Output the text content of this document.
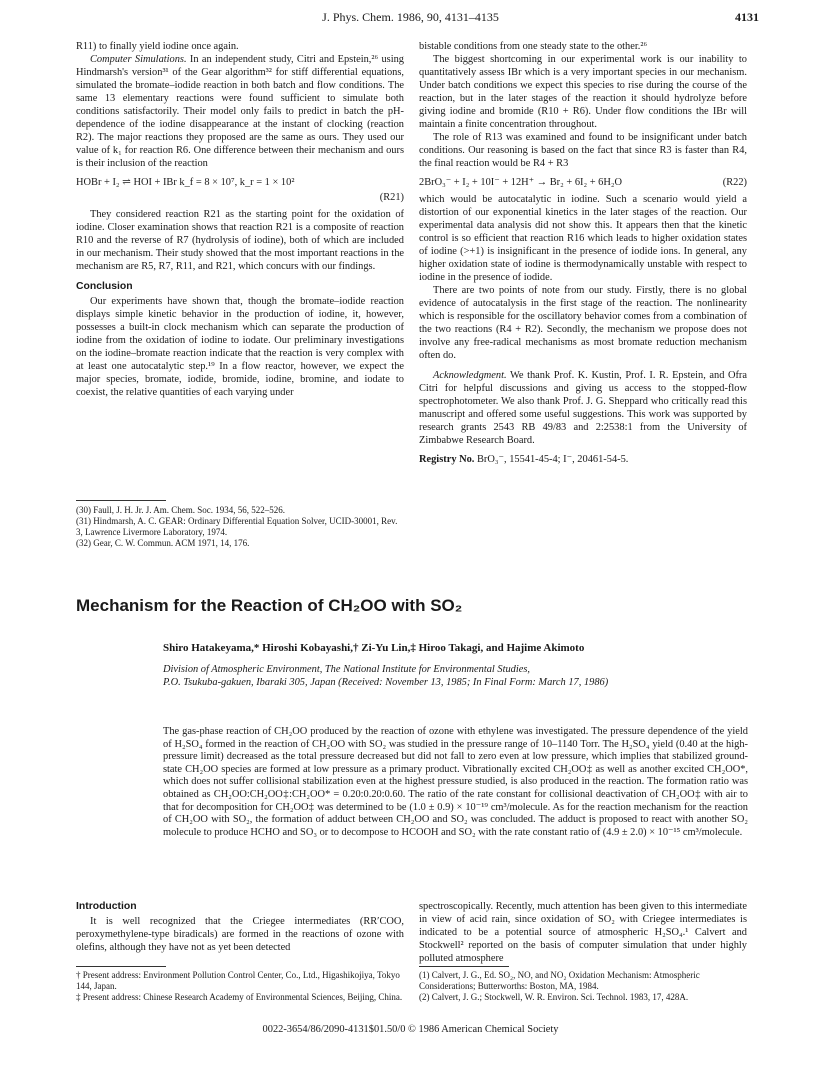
J. Phys. Chem. 1986, 90, 4131–4135	4131

R11) to finally yield iodine once again.

Computer Simulations. In an independent study, Citri and Epstein,²⁶ using Hindmarsh's version³¹ of the Gear algorithm³² for stiff differential equations, simulated the bromate–iodide reaction in both batch and flow conditions. The same 13 elementary reactions were found sufficient to simulate both conditions satisfactorily. Their model only fails to predict in batch the pH-dependence of the iodine disappearance at the instant of clocking (reaction R2). The major reactions they proposed are the same as ours. They used our value of k₁ for reaction R6. One difference between their mechanism and ours is their inclusion of the reaction

HOBr + I₂ ⇌ HOI + IBr k_f = 8 × 10⁷, k_r = 1 × 10²
(R21)

They considered reaction R21 as the starting point for the oxidation of iodine. Closer examination shows that reaction R21 is a composite of reaction R10 and the reverse of R7 (hydrolysis of iodine), both of which are included in our mechanism. Their study showed that the most important reactions in the mechanism are R5, R7, R11, and R21, which concurs with our findings.

Conclusion

Our experiments have shown that, though the bromate–iodide reaction displays simple kinetic behavior in the production of iodine, it, however, possesses a built-in clock mechanism which can separate the production of iodine from the oxidation of iodine to iodate. Our preliminary investigations on the iodine–bromate reaction indicate that the reaction is very complex with at least one autocatalytic step.¹⁹ In a flow reactor, however, we expect the major species, bromate, iodide, bromide, iodine, bromine, and iodate to coexist, the relative quantities of each varying under

(30) Faull, J. H. Jr. J. Am. Chem. Soc. 1934, 56, 522–526.
(31) Hindmarsh, A. C. GEAR: Ordinary Differential Equation Solver, UCID-30001, Rev. 3, Lawrence Livermore Laboratory, 1974.
(32) Gear, C. W. Commun. ACM 1971, 14, 176.

bistable conditions from one steady state to the other.²⁶

The biggest shortcoming in our experimental work is our inability to quantitatively assess IBr which is a very important species in our mechanism. Under batch conditions we expect this species to rise during the course of the reaction, but in the later stages of the reaction it should hydrolyze before giving iodine and bromide (R10 + R6). Under flow conditions the IBr will maintain a finite concentration throughout.

The role of R13 was examined and found to be insignificant under batch conditions. Our reasoning is based on the fact that since R3 is faster than R4, the final reaction would be R4 + R3

2BrO₃⁻ + I₂ + 10I⁻ + 12H⁺ → Br₂ + 6I₂ + 6H₂O	(R22)

which would be autocatalytic in iodine. Such a scenario would yield a distortion of our exponential kinetics in the later stages of the reaction. Our experimental data analysis did not show this. It appears then that the kinetic control is so efficient that reaction R16 which leads to higher oxidation states of iodine (>+1) is insignificant in the presence of iodide ions. In general, any higher oxidation state of iodine is thermodynamically unstable with respect to iodine in the presence of iodide.

There are two points of note from our study. Firstly, there is no global evidence of autocatalysis in the first stage of the reaction. The nonlinearity which is responsible for the oscillatory behavior comes from a combination of the two reactions (R4 + R2). Secondly, the mechanism we propose does not involve any free-radical mechanisms as most bromate reduction mechanism often do.

Acknowledgment. We thank Prof. K. Kustin, Prof. I. R. Epstein, and Ofra Citri for helpful discussions and giving us access to the stopped-flow spectrophotometer. We also thank Prof. J. G. Sheppard who critically read this manuscript and offered some useful suggestions. This work was supported by research grants 2543 RB 49/83 and 2:2538:1 from the University of Zimbabwe Research Board.

Registry No. BrO₃⁻, 15541-45-4; I⁻, 20461-54-5.

Mechanism for the Reaction of CH₂OO with SO₂
Shiro Hatakeyama,* Hiroshi Kobayashi,† Zi-Yu Lin,‡ Hiroo Takagi, and Hajime Akimoto
Division of Atmospheric Environment, The National Institute for Environmental Studies,
P.O. Tsukuba-gakuen, Ibaraki 305, Japan (Received: November 13, 1985; In Final Form: March 17, 1986)
The gas-phase reaction of CH₂OO produced by the reaction of ozone with ethylene was investigated. The pressure dependence of the yield of H₂SO₄ formed in the reaction of CH₂OO with SO₂ was studied in the pressure range of 10–1140 Torr. The H₂SO₄ yield (0.40 at the high-pressure limit) decreased as the total pressure decreased but did not fall to zero even at low pressure, which implies that stabilized ground-state CH₂OO species are formed at low pressure as a primary product. Vibrationally excited CH₂OO‡ as well as another excited CH₂OO*, which does not suffer collisional stabilization even at the highest pressure studied, is also produced in the reaction. The formation ratio was obtained as CH₂OO:CH₂OO‡:CH₂OO* = 0.20:0.20:0.60. The ratio of the rate constant for collisional deactivation of CH₂OO‡ with air to that for decomposition for CH₂OO‡ was determined to be (1.0 ± 0.9) × 10⁻¹⁹ cm³/molecule. As for the reaction mechanism for the reaction of CH₂OO with SO₂, the formation of adduct between CH₂OO and SO₂ was concluded. The adduct is proposed to react with another SO₂ molecule to produce HCHO and SO₃ or to decompose to HCOOH and SO₂ with the rate constant ratio of (4.9 ± 2.0) × 10⁻¹⁵ cm³/molecule.
Introduction

It is well recognized that the Criegee intermediates (RR′COO, peroxymethylene-type biradicals) are formed in the reactions of ozone with olefins, although they have not as yet been detected

spectroscopically. Recently, much attention has been given to this intermediate in view of acid rain, since oxidation of SO₂ with Criegee intermediates is indicated to be a potential source of atmospheric H₂SO₄.¹ Calvert and Stockwell² reported on the basis of computer simulation that under highly polluted atmosphere

† Present address: Environment Pollution Control Center, Co., Ltd., Higashikojiya, Tokyo 144, Japan.
‡ Present address: Chinese Research Academy of Environmental Sciences, Beijing, China.
(1) Calvert, J. G., Ed. SO₂, NO, and NO₂ Oxidation Mechanism: Atmospheric Considerations; Butterworths: Boston, MA, 1984.
(2) Calvert, J. G.; Stockwell, W. R. Environ. Sci. Technol. 1983, 17, 428A.
0022-3654/86/2090-4131$01.50/0 © 1986 American Chemical Society
